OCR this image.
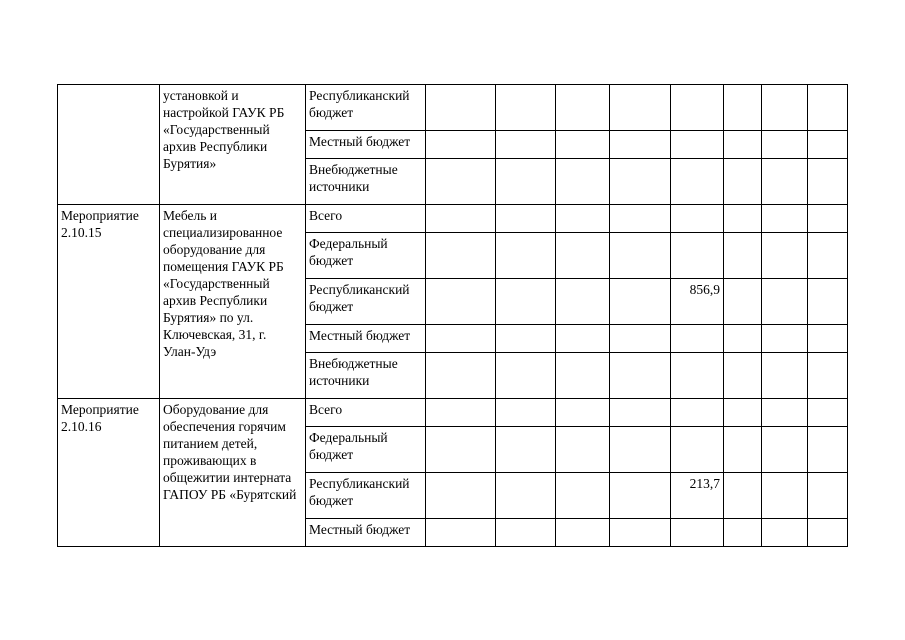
	установкой и настройкой ГАУК РБ «Государственный архив Республики Бурятия»	Республиканский бюджет								
		Местный бюджет								
		Внебюджетные источники								
Мероприятие 2.10.15	Мебель и специализированное оборудование для помещения ГАУК РБ «Государственный архив Республики Бурятия» по ул. Ключевская, 31, г. Улан-Удэ	Всего								
		Федеральный бюджет								
		Республиканский бюджет					856,9			
		Местный бюджет								
		Внебюджетные источники								
Мероприятие 2.10.16	Оборудование для обеспечения горячим питанием детей, проживающих в общежитии интерната ГАПОУ РБ «Бурятский	Всего								
		Федеральный бюджет								
		Республиканский бюджет					213,7			
		Местный бюджет								
